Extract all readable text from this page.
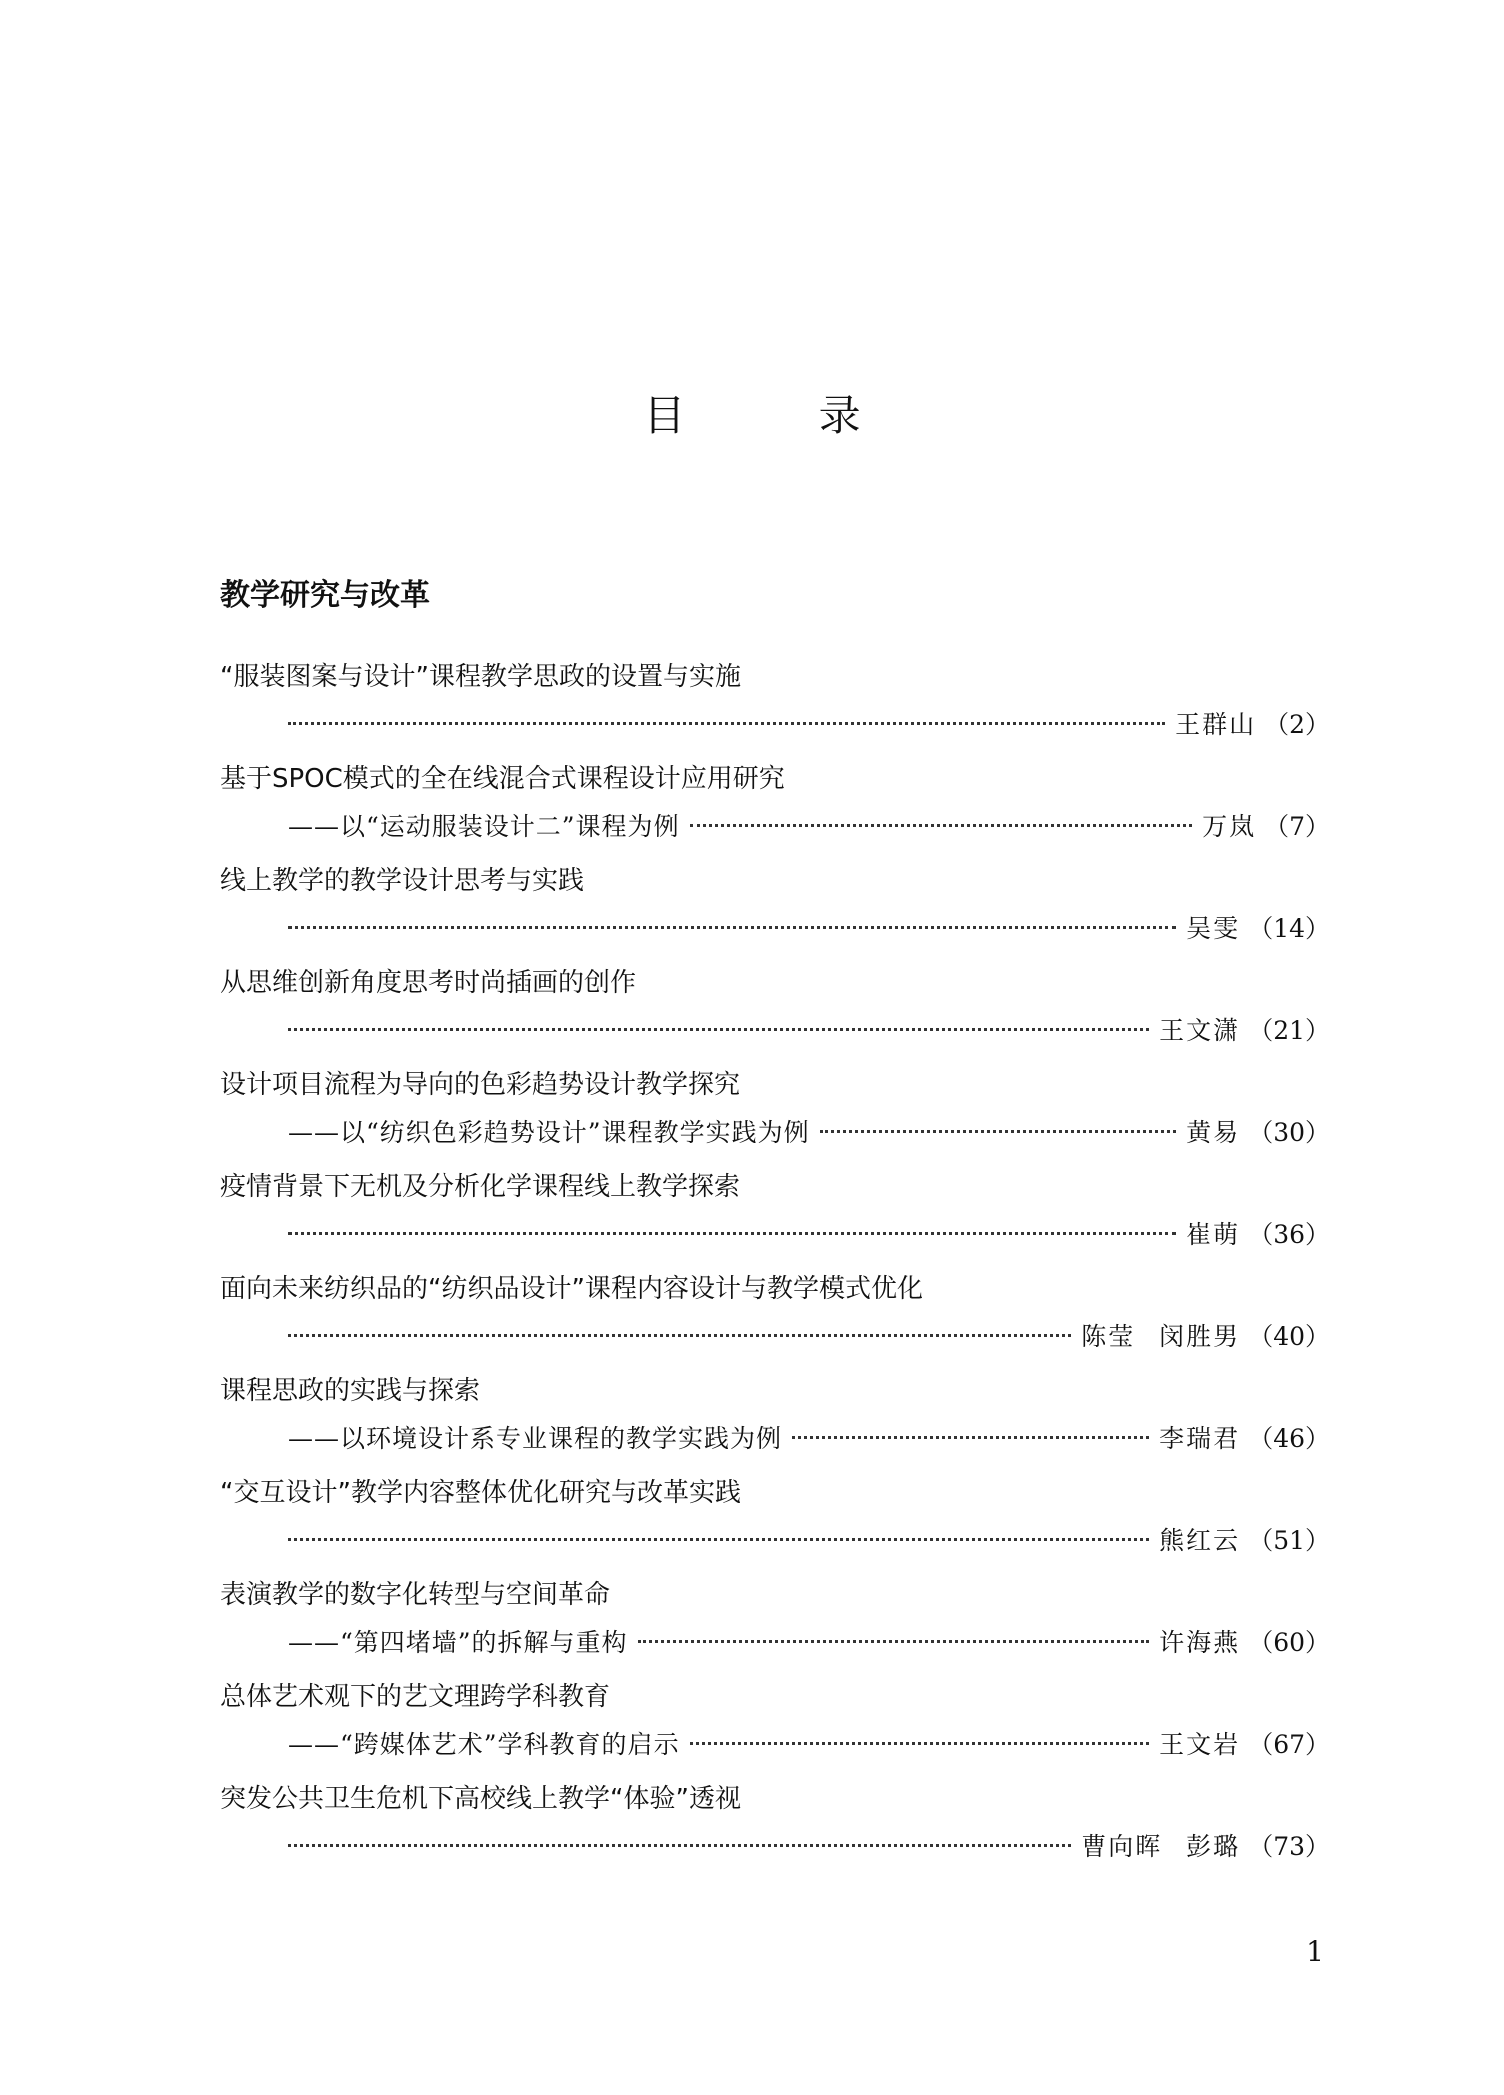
目 录
教学研究与改革
“服装图案与设计”课程教学思政的设置与实施
王群山 （2）
基于SPOC模式的全在线混合式课程设计应用研究
——以“运动服装设计二”课程为例	万岚 （7）
线上教学的教学设计思考与实践
吴雯 （14）
从思维创新角度思考时尚插画的创作
王文潇 （21）
设计项目流程为导向的色彩趋势设计教学探究
——以“纺织色彩趋势设计”课程教学实践为例	黄易 （30）
疫情背景下无机及分析化学课程线上教学探索
崔萌 （36）
面向未来纺织品的“纺织品设计”课程内容设计与教学模式优化
陈莹 闵胜男 （40）
课程思政的实践与探索
——以环境设计系专业课程的教学实践为例	李瑞君 （46）
“交互设计”教学内容整体优化研究与改革实践
熊红云 （51）
表演教学的数字化转型与空间革命
——“第四堵墙”的拆解与重构	许海燕 （60）
总体艺术观下的艺文理跨学科教育
——“跨媒体艺术”学科教育的启示	王文岩 （67）
突发公共卫生危机下高校线上教学“体验”透视
曹向晖 彭璐 （73）
1
